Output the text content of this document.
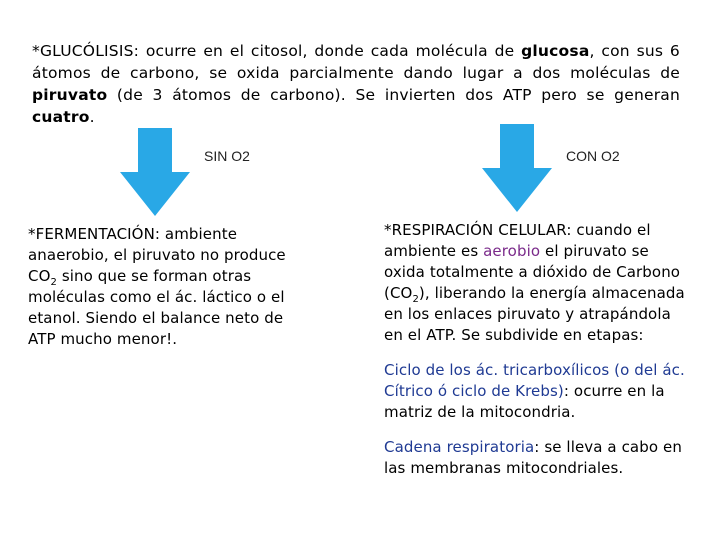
*GLUCÓLISIS: ocurre en el citosol, donde cada molécula de glucosa, con sus 6 átomos de carbono, se oxida parcialmente dando lugar a dos moléculas de piruvato (de 3 átomos de carbono). Se invierten dos ATP pero se generan cuatro.
SIN O2	CON O2

*FERMENTACIÓN: ambiente anaerobio, el piruvato no produce $CO_2$ sino que se forman otras moléculas como el ác. láctico o el etanol. Siendo el balance neto de ATP mucho menor!.

*RESPIRACIÓN CELULAR: cuando el ambiente es aerobio el piruvato se oxida totalmente a dióxido de Carbono $(CO_2)$, liberando la energía almacenada en los enlaces piruvato y atrapándola en el ATP. Se subdivide en etapas:

Ciclo de los ác. tricarboxílicos (o del ác. Cítrico ó ciclo de Krebs): ocurre en la matriz de la mitocondria.

Cadena respiratoria: se lleva a cabo en las membranas mitocondriales.
